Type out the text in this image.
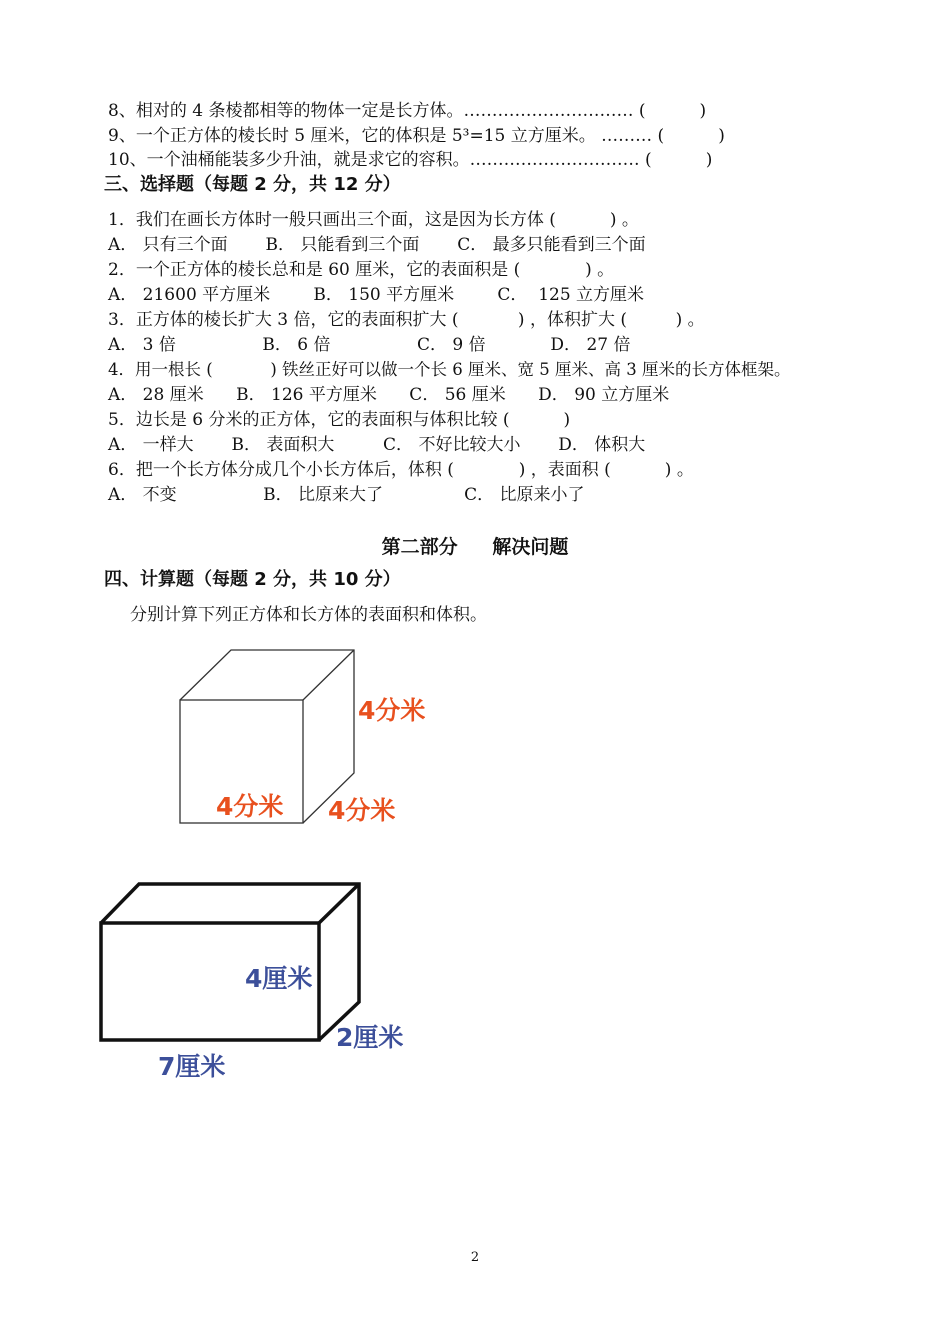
8、相对的 4 条棱都相等的物体一定是长方体。………………………… (          )
9、一个正方体的棱长时 5 厘米，它的体积是 5³=15 立方厘米。 ……… (          )
10、一个油桶能装多少升油，就是求它的容积。………………………… (          )
三、选择题（每题 2 分，共 12 分）
1．我们在画长方体时一般只画出三个面，这是因为长方体 (          ) 。
A． 只有三个面       B． 只能看到三个面       C． 最多只能看到三个面
2．一个正方体的棱长总和是 60 厘米，它的表面积是 (            ) 。
A． 21600 平方厘米        B． 150 平方厘米        C．  125 立方厘米
3．正方体的棱长扩大 3 倍，它的表面积扩大 (           ) ，体积扩大 (         ) 。
A． 3 倍                B． 6 倍                C． 9 倍            D． 27 倍
4．用一根长 (           ) 铁丝正好可以做一个长 6 厘米、宽 5 厘米、高 3 厘米的长方体框架。
A． 28 厘米      B． 126 平方厘米      C． 56 厘米      D． 90 立方厘米
5．边长是 6 分米的正方体，它的表面积与体积比较 (          )
A． 一样大       B． 表面积大         C． 不好比较大小       D． 体积大
6．把一个长方体分成几个小长方体后，体积 (            ) ，表面积 (          ) 。
A． 不变                B． 比原来大了               C． 比原来小了
第二部分 解决问题
四、计算题（每题 2 分，共 10 分）
分别计算下列正方体和长方体的表面积和体积。
4分米
4分米 4分米
4厘米
2厘米
7厘米
2
